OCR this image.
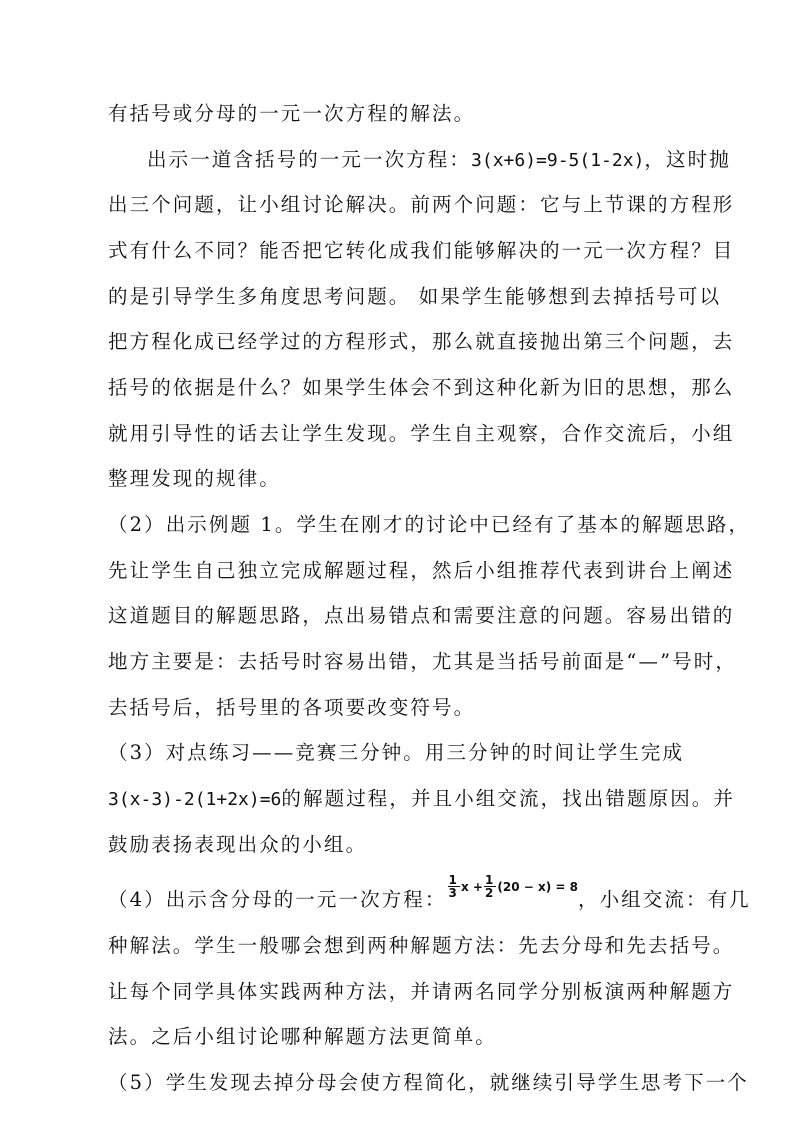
有括号或分母的一元一次方程的解法。
出示一道含括号的一元一次方程：3(x+6)=9-5(1-2x)，这时抛
出三个问题，让小组讨论解决。前两个问题：它与上节课的方程形
式有什么不同？能否把它转化成我们能够解决的一元一次方程？目
的是引导学生多角度思考问题。 如果学生能够想到去掉括号可以
把方程化成已经学过的方程形式，那么就直接抛出第三个问题，去
括号的依据是什么？如果学生体会不到这种化新为旧的思想，那么
就用引导性的话去让学生发现。学生自主观察，合作交流后，小组
整理发现的规律。
（2）出示例题 1。学生在刚才的讨论中已经有了基本的解题思路，
先让学生自己独立完成解题过程，然后小组推荐代表到讲台上阐述
这道题目的解题思路，点出易错点和需要注意的问题。容易出错的
地方主要是：去括号时容易出错，尤其是当括号前面是“—”号时，
去括号后，括号里的各项要改变符号。
（3）对点练习——竞赛三分钟。用三分钟的时间让学生完成
3(x-3)-2(1+2x)=6的解题过程，并且小组交流，找出错题原因。并
鼓励表扬表现出众的小组。
（4）出示含分母的一元一次方程：
$\frac{1}{3}$ $x + \frac{1}{2} (20 - x) = 8$，小组交流：有几
种解法。学生一般哪会想到两种解题方法：先去分母和先去括号。
让每个同学具体实践两种方法，并请两名同学分别板演两种解题方
法。之后小组讨论哪种解题方法更简单。
（5）学生发现去掉分母会使方程简化，就继续引导学生思考下一个
